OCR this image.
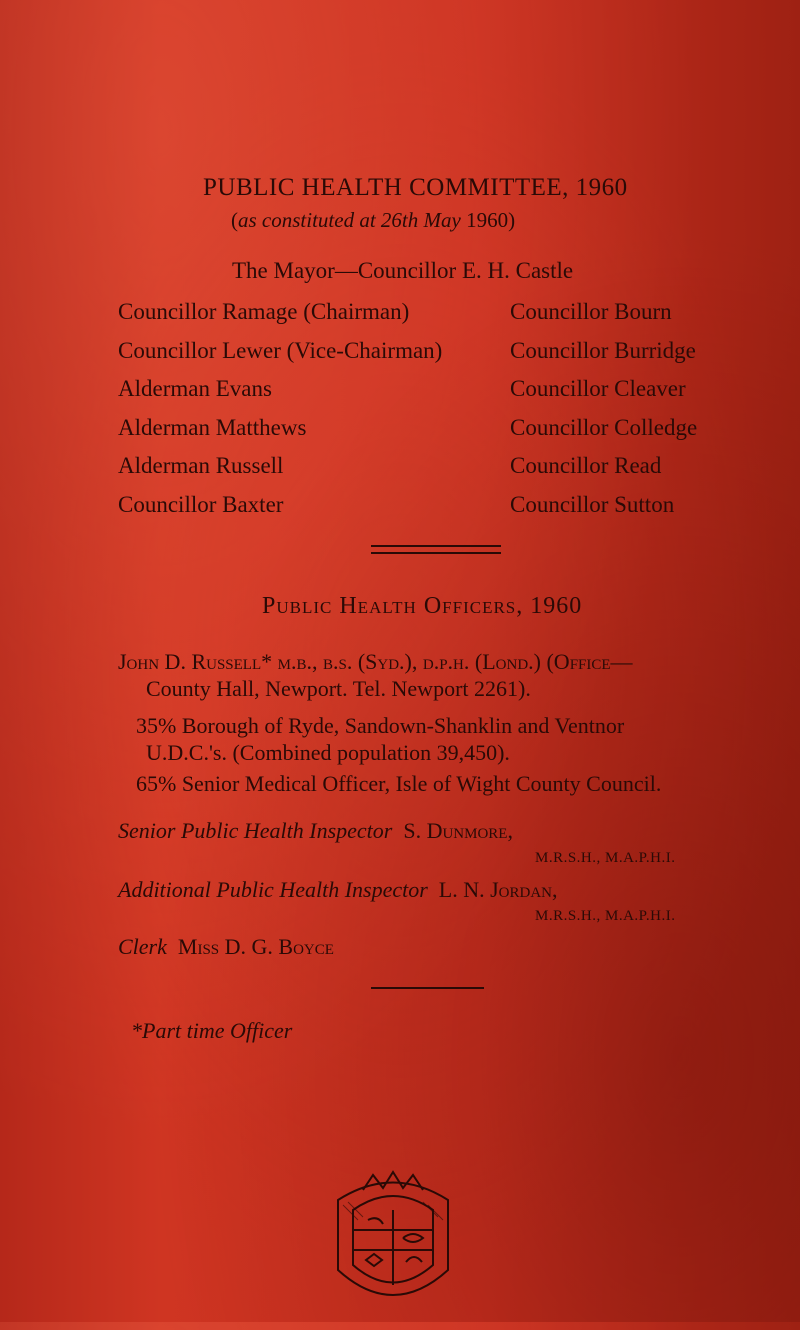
PUBLIC HEALTH COMMITTEE, 1960
(as constituted at 26th May 1960)
The Mayor—Councillor E. H. Castle
Councillor Ramage (Chairman)
Councillor Lewer (Vice-Chairman)
Alderman Evans
Alderman Matthews
Alderman Russell
Councillor Baxter
Councillor Bourn
Councillor Burridge
Councillor Cleaver
Councillor Colledge
Councillor Read
Councillor Sutton
Public Health Officers, 1960
John D. Russell* m.b., b.s. (Syd.), d.p.h. (Lond.) (Office—
County Hall, Newport. Tel. Newport 2261).
35% Borough of Ryde, Sandown-Shanklin and Ventnor
U.D.C.'s. (Combined population 39,450).
65% Senior Medical Officer, Isle of Wight County Council.
Senior Public Health Inspector S. Dunmore,
M.R.S.H., M.A.P.H.I.
Additional Public Health Inspector L. N. Jordan,
M.R.S.H., M.A.P.H.I.
Clerk Miss D. G. Boyce
*Part time Officer
